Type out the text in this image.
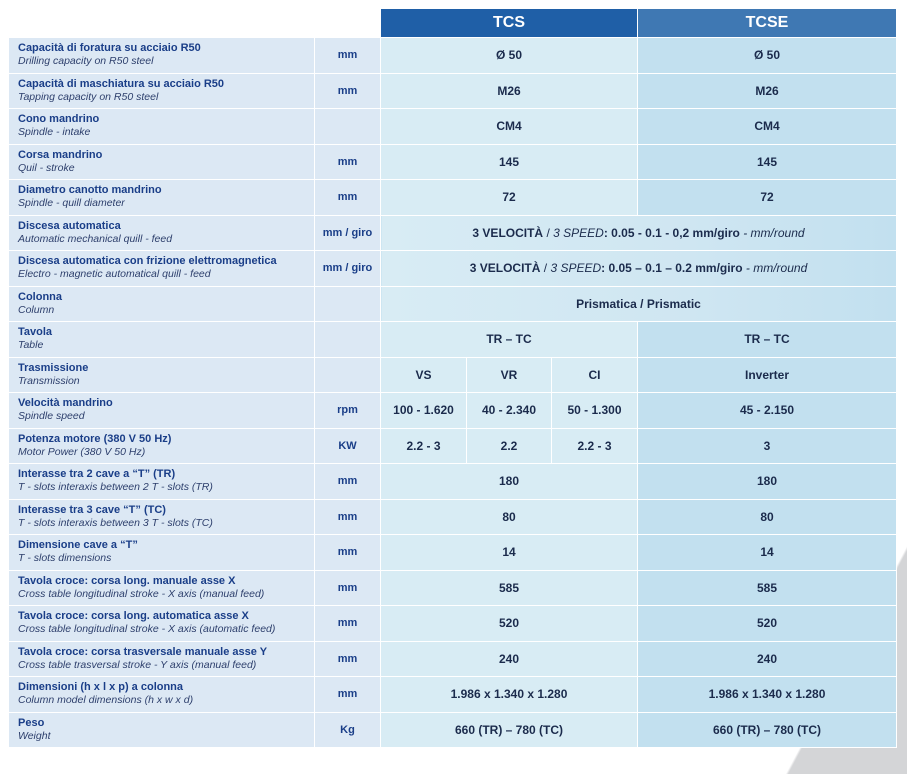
		TCS			TCSE

Capacità di foratura su acciaio R50
Drilling capacity on R50 steel	mm	Ø 50			Ø 50

Capacità di maschiatura su acciaio R50
Tapping capacity on R50 steel	mm	M26			M26

Cono mandrino
Spindle - intake		CM4			CM4

Corsa mandrino
Quil - stroke	mm	145			145

Diametro canotto mandrino
Spindle - quill diameter	mm	72			72

Discesa automatica
Automatic mechanical quill - feed	mm / giro	3 VELOCITÀ / 3 SPEED: 0.05 - 0.1 - 0,2 mm/giro - mm/round			

Discesa automatica con frizione elettromagnetica
Electro - magnetic automatical quill - feed	mm / giro	3 VELOCITÀ / 3 SPEED: 0.05 – 0.1 – 0.2 mm/giro - mm/round			

Colonna
Column		Prismatica / Prismatic			

Tavola
Table		TR – TC			TR – TC

Trasmissione
Transmission		VS	VR	CI	Inverter

Velocità mandrino
Spindle speed	rpm	100 - 1.620	40 - 2.340	50 - 1.300	45 - 2.150

Potenza motore (380 V 50 Hz)
Motor Power (380 V 50 Hz)	KW	2.2 - 3	2.2	2.2 - 3	3

Interasse tra 2 cave a “T” (TR)
T - slots interaxis between 2 T - slots (TR)	mm	180			180

Interasse tra 3 cave “T” (TC)
T - slots interaxis between 3 T - slots (TC)	mm	80			80

Dimensione cave a “T”
T - slots dimensions	mm	14			14

Tavola croce: corsa long. manuale asse X
Cross table longitudinal stroke - X axis (manual feed)	mm	585			585

Tavola croce: corsa long. automatica asse X
Cross table longitudinal stroke - X axis (automatic feed)	mm	520			520

Tavola croce: corsa trasversale manuale asse Y
Cross table trasversal stroke - Y axis (manual feed)	mm	240			240

Dimensioni (h x l x p) a colonna
Column model dimensions (h x w x d)	mm	1.986 x 1.340 x 1.280			1.986 x 1.340 x 1.280

Peso
Weight	Kg	660 (TR) – 780 (TC)			660 (TR) – 780 (TC)
